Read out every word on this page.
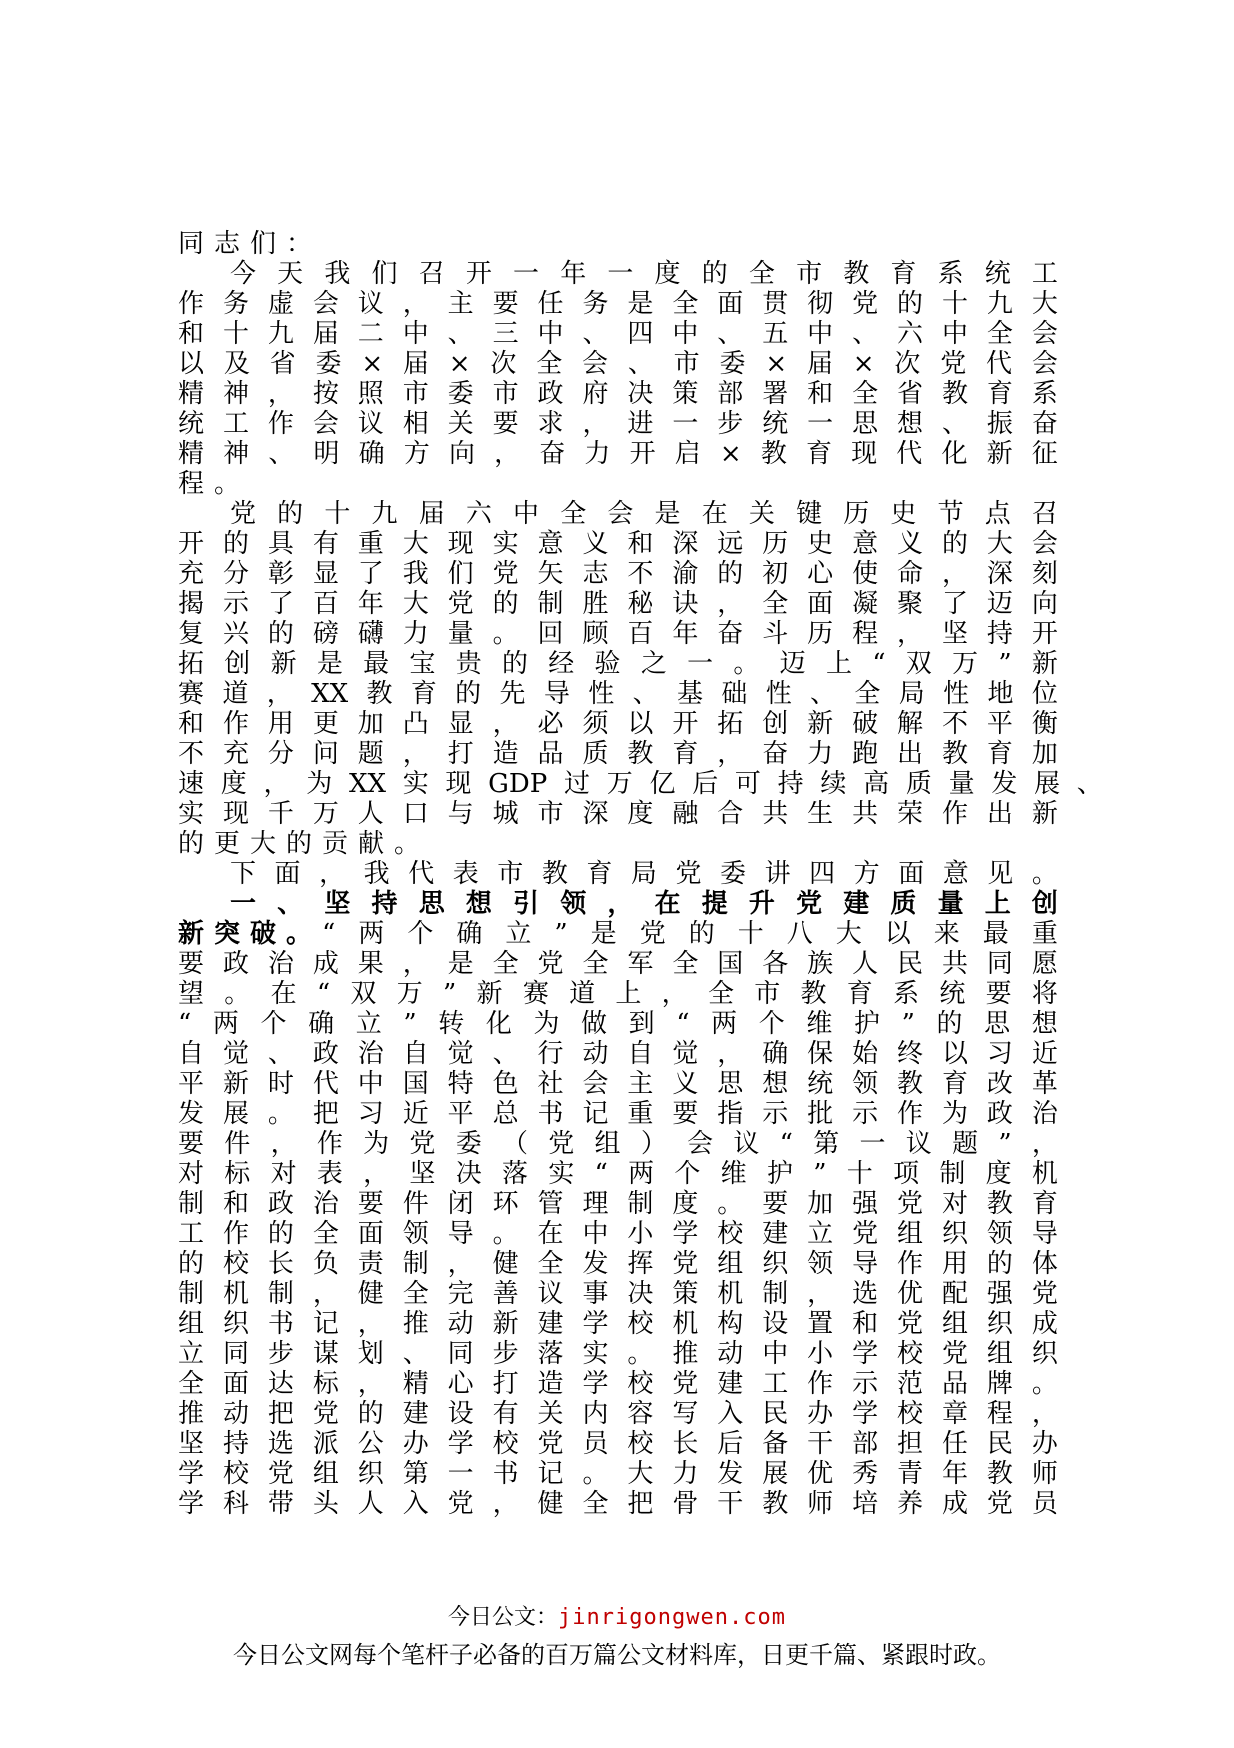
同志们：
今 天 我 们 召 开 一 年 一 度 的 全 市 教 育 系 统 工
作 务 虚 会 议 ， 主 要 任 务 是 全 面 贯 彻 党 的 十 九 大
和 十 九 届 二 中 、 三 中 、 四 中 、 五 中 、 六 中 全 会
以 及 省 委 × 届 × 次 全 会 、 市 委 × 届 × 次 党 代 会
精 神 ， 按 照 市 委 市 政 府 决 策 部 署 和 全 省 教 育 系
统 工 作 会 议 相 关 要 求 ， 进 一 步 统 一 思 想 、 振 奋
精 神 、 明 确 方 向 ， 奋 力 开 启 × 教 育 现 代 化 新 征
程。
党 的 十 九 届 六 中 全 会 是 在 关 键 历 史 节 点 召
开 的 具 有 重 大 现 实 意 义 和 深 远 历 史 意 义 的 大 会
充 分 彰 显 了 我 们 党 矢 志 不 渝 的 初 心 使 命 ， 深 刻
揭 示 了 百 年 大 党 的 制 胜 秘 诀 ， 全 面 凝 聚 了 迈 向
复 兴 的 磅 礴 力 量 。 回 顾 百 年 奋 斗 历 程 ， 坚 持 开
拓 创 新 是 最 宝 贵 的 经 验 之 一 。 迈 上 “ 双 万 ” 新
赛 道 ， XX 教 育 的 先 导 性 、 基 础 性 、 全 局 性 地 位
和 作 用 更 加 凸 显 ， 必 须 以 开 拓 创 新 破 解 不 平 衡
不 充 分 问 题 ， 打 造 品 质 教 育 ， 奋 力 跑 出 教 育 加
速 度 ， 为 XX 实 现 GDP 过 万 亿 后 可 持 续 高 质 量 发 展 、
实 现 千 万 人 口 与 城 市 深 度 融 合 共 生 共 荣 作 出 新
的更大的贡献。
下 面 ， 我 代 表 市 教 育 局 党 委 讲 四 方 面 意 见 。
一 、 坚 持 思 想 引 领 ， 在 提 升 党 建 质 量 上 创
新突破。 “ 两 个 确 立 ” 是 党 的 十 八 大 以 来 最 重
要 政 治 成 果 ， 是 全 党 全 军 全 国 各 族 人 民 共 同 愿
望 。 在 “ 双 万 ” 新 赛 道 上 ， 全 市 教 育 系 统 要 将
“ 两 个 确 立 ” 转 化 为 做 到 “ 两 个 维 护 ” 的 思 想
自 觉 、 政 治 自 觉 、 行 动 自 觉 ， 确 保 始 终 以 习 近
平 新 时 代 中 国 特 色 社 会 主 义 思 想 统 领 教 育 改 革
发 展 。 把 习 近 平 总 书 记 重 要 指 示 批 示 作 为 政 治
要 件 ， 作 为 党 委 （ 党 组 ） 会 议 “ 第 一 议 题 ” ，
对 标 对 表 ， 坚 决 落 实 “ 两 个 维 护 ” 十 项 制 度 机
制 和 政 治 要 件 闭 环 管 理 制 度 。 要 加 强 党 对 教 育
工 作 的 全 面 领 导 。 在 中 小 学 校 建 立 党 组 织 领 导
的 校 长 负 责 制 ， 健 全 发 挥 党 组 织 领 导 作 用 的 体
制 机 制 ， 健 全 完 善 议 事 决 策 机 制 ， 选 优 配 强 党
组 织 书 记 ， 推 动 新 建 学 校 机 构 设 置 和 党 组 织 成
立 同 步 谋 划 、 同 步 落 实 。 推 动 中 小 学 校 党 组 织
全 面 达 标 ， 精 心 打 造 学 校 党 建 工 作 示 范 品 牌 。
推 动 把 党 的 建 设 有 关 内 容 写 入 民 办 学 校 章 程 ，
坚 持 选 派 公 办 学 校 党 员 校 长 后 备 干 部 担 任 民 办
学 校 党 组 织 第 一 书 记 。 大 力 发 展 优 秀 青 年 教 师
学 科 带 头 人 入 党 ， 健 全 把 骨 干 教 师 培 养 成 党 员
今日公文：jinrigongwen.com
今日公文网每个笔杆子必备的百万篇公文材料库，日更千篇、紧跟时政。
